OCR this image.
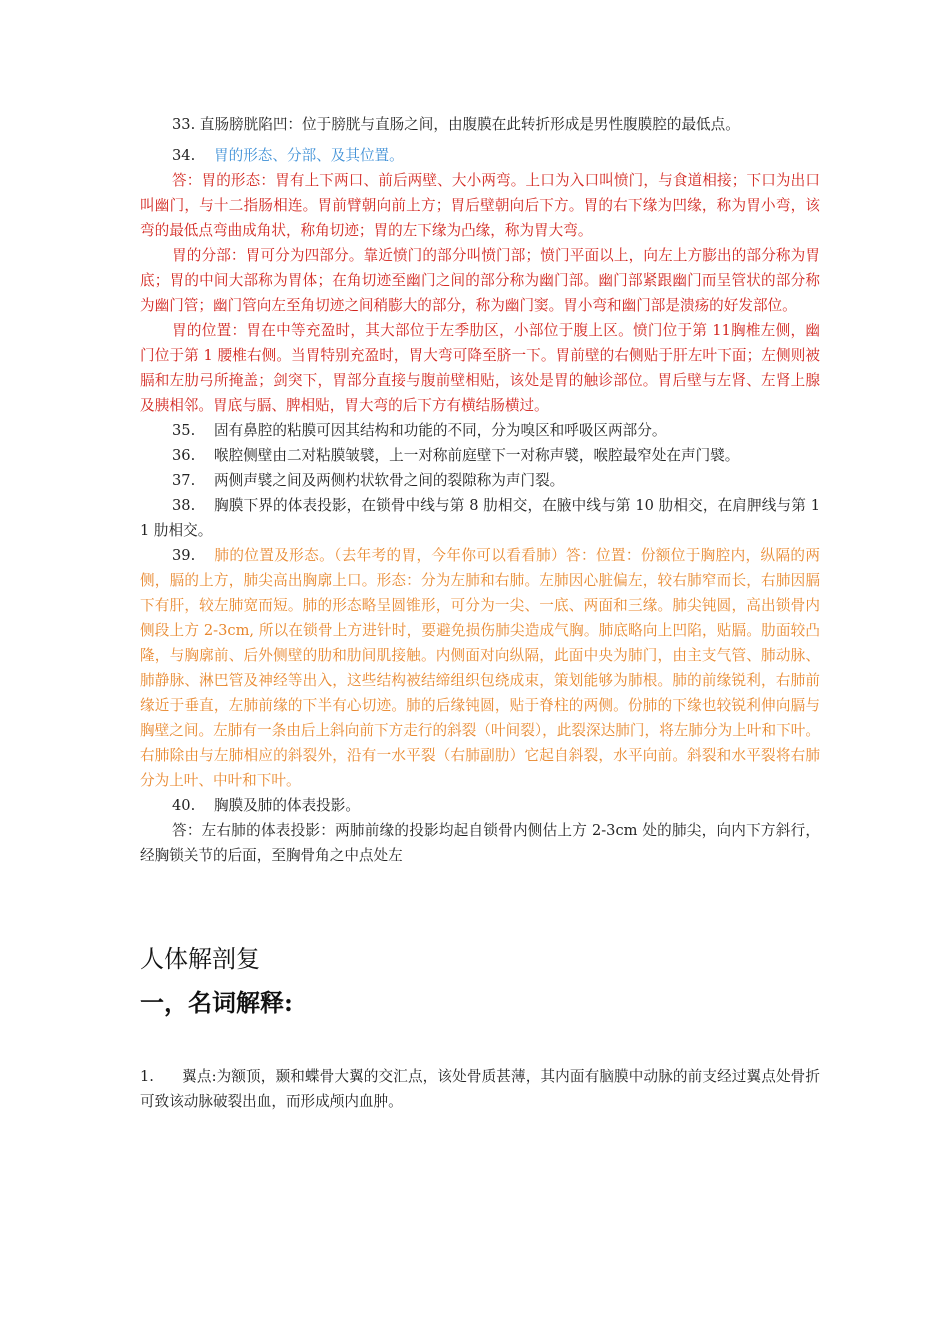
33. 直肠膀胱陷凹：位于膀胱与直肠之间，由腹膜在此转折形成是男性腹膜腔的最低点。

34. 胃的形态、分部、及其位置。

答：胃的形态：胃有上下两口、前后两壁、大小两弯。上口为入口叫愤门，与食道相接；下口为出口叫幽门，与十二指肠相连。胃前臂朝向前上方；胃后壁朝向后下方。胃的右下缘为凹缘，称为胃小弯，该弯的最低点弯曲成角状，称角切迹；胃的左下缘为凸缘，称为胃大弯。

胃的分部：胃可分为四部分。靠近愤门的部分叫愤门部；愤门平面以上，向左上方膨出的部分称为胃底；胃的中间大部称为胃体；在角切迹至幽门之间的部分称为幽门部。幽门部紧跟幽门而呈管状的部分称为幽门管；幽门管向左至角切迹之间稍膨大的部分，称为幽门窦。胃小弯和幽门部是溃疡的好发部位。

胃的位置：胃在中等充盈时，其大部位于左季肋区，小部位于腹上区。愤门位于第 11胸椎左侧，幽门位于第 1 腰椎右侧。当胃特别充盈时，胃大弯可降至脐一下。胃前壁的右侧贴于肝左叶下面；左侧则被膈和左肋弓所掩盖；剑突下，胃部分直接与腹前壁相贴，该处是胃的触诊部位。胃后壁与左肾、左肾上腺及胰相邻。胃底与膈、脾相贴，胃大弯的后下方有横结肠横过。

35. 固有鼻腔的粘膜可因其结构和功能的不同，分为嗅区和呼吸区两部分。

36. 喉腔侧壁由二对粘膜皱襞，上一对称前庭壁下一对称声襞，喉腔最窄处在声门襞。

37. 两侧声襞之间及两侧杓状软骨之间的裂隙称为声门裂。

38. 胸膜下界的体表投影，在锁骨中线与第 8 肋相交，在腋中线与第 10 肋相交，在肩胛线与第 11 肋相交。

39. 肺的位置及形态。（去年考的胃，今年你可以看看肺）答：位置：份额位于胸腔内，纵隔的两侧，膈的上方，肺尖高出胸廓上口。形态：分为左肺和右肺。左肺因心脏偏左，较右肺窄而长，右肺因膈下有肝，较左肺宽而短。肺的形态略呈圆锥形，可分为一尖、一底、两面和三缘。肺尖钝圆，高出锁骨内侧段上方 2-3cm, 所以在锁骨上方进针时，要避免损伤肺尖造成气胸。肺底略向上凹陷，贴膈。肋面较凸隆，与胸廓前、后外侧壁的肋和肋间肌接触。内侧面对向纵隔，此面中央为肺门，由主支气管、肺动脉、肺静脉、淋巴管及神经等出入，这些结构被结缔组织包绕成束，策划能够为肺根。肺的前缘锐利，右肺前缘近于垂直，左肺前缘的下半有心切迹。肺的后缘钝圆，贴于脊柱的两侧。份肺的下缘也较锐利伸向膈与胸壁之间。左肺有一条由后上斜向前下方走行的斜裂（叶间裂），此裂深达肺门，将左肺分为上叶和下叶。右肺除由与左肺相应的斜裂外，沿有一水平裂（右肺副肋）它起自斜裂，水平向前。斜裂和水平裂将右肺分为上叶、中叶和下叶。

40. 胸膜及肺的体表投影。

答：左右肺的体表投影：两肺前缘的投影均起自锁骨内侧估上方 2-3cm 处的肺尖，向内下方斜行，经胸锁关节的后面，至胸骨角之中点处左

人体解剖复

一，名词解释:

1. 翼点:为额顶，颞和蝶骨大翼的交汇点，该处骨质甚薄，其内面有脑膜中动脉的前支经过翼点处骨折可致该动脉破裂出血，而形成颅内血肿。
